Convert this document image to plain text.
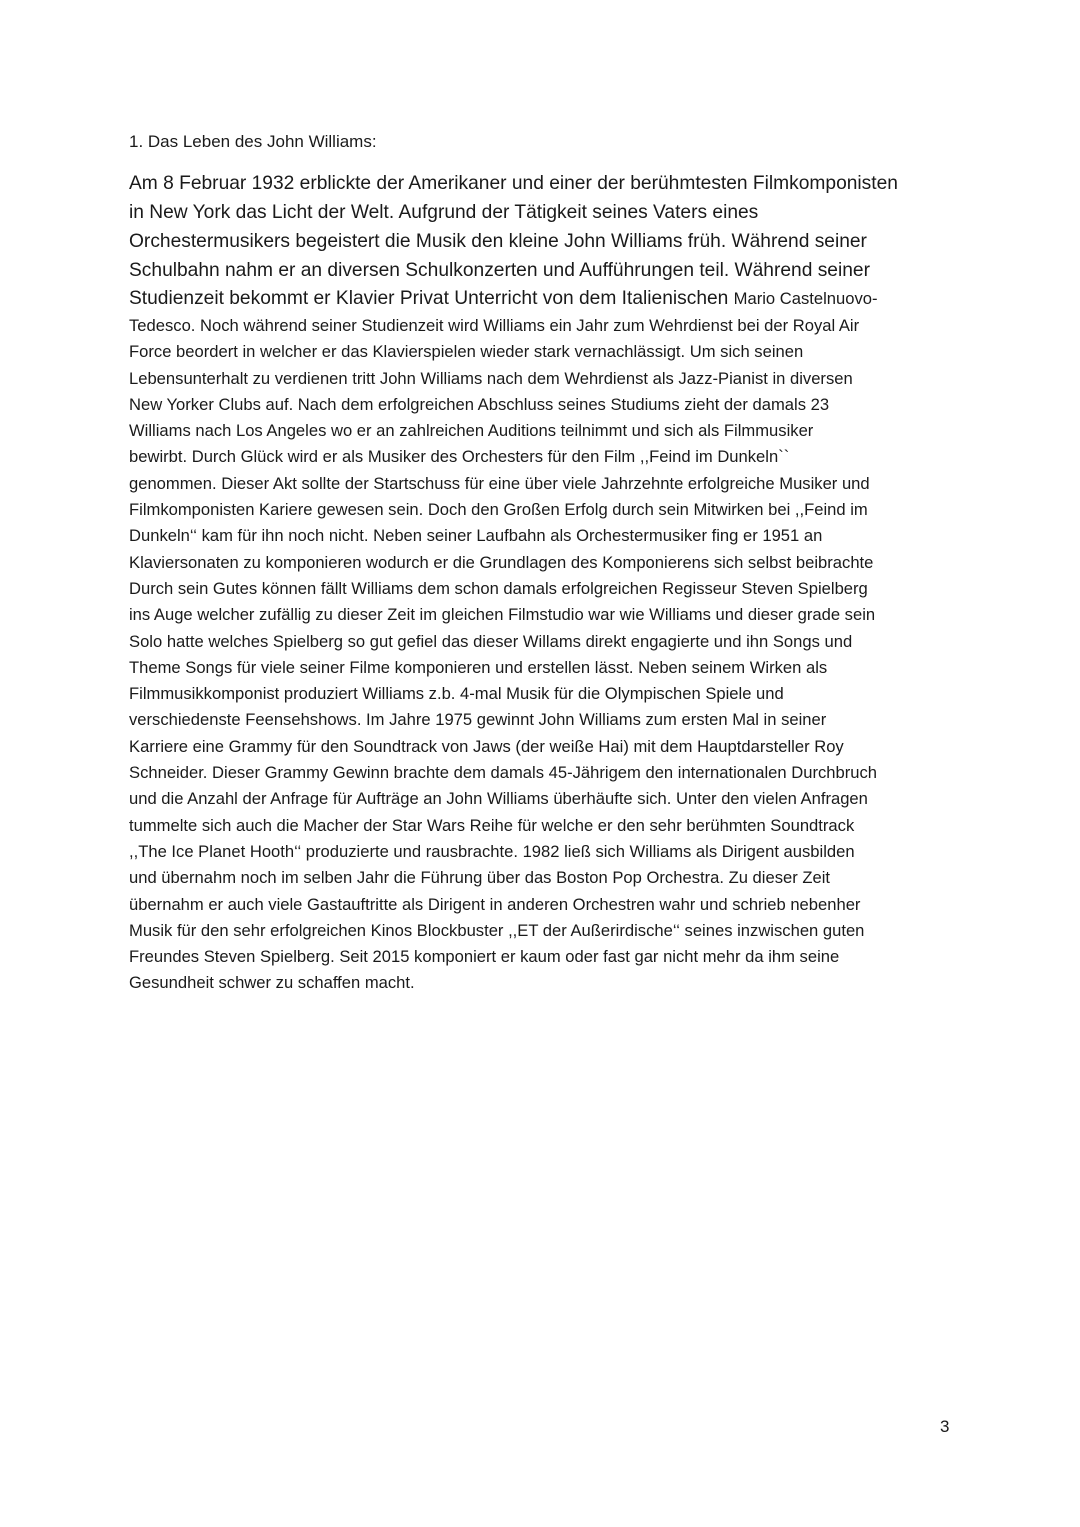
1. Das Leben des John Williams:
Am 8 Februar 1932 erblickte der Amerikaner und einer der berühmtesten Filmkomponisten
in New York das Licht der Welt. Aufgrund der Tätigkeit seines Vaters eines
Orchestermusikers begeistert die Musik den kleine John Williams früh. Während seiner
Schulbahn nahm er an diversen Schulkonzerten und Aufführungen teil. Während seiner
Studienzeit bekommt er Klavier Privat Unterricht von dem Italienischen Mario Castelnuovo-
Tedesco. Noch während seiner Studienzeit wird Williams ein Jahr zum Wehrdienst bei der Royal Air
Force beordert in welcher er das Klavierspielen wieder stark vernachlässigt. Um sich seinen
Lebensunterhalt zu verdienen tritt John Williams nach dem Wehrdienst als Jazz-Pianist in diversen
New Yorker Clubs auf. Nach dem erfolgreichen Abschluss seines Studiums zieht der damals 23
Williams nach Los Angeles wo er an zahlreichen Auditions teilnimmt und sich als Filmmusiker
bewirbt. Durch Glück wird er als Musiker des Orchesters für den Film ,,Feind im Dunkeln``
genommen. Dieser Akt sollte der Startschuss für eine über viele Jahrzehnte erfolgreiche Musiker und
Filmkomponisten Kariere gewesen sein. Doch den Großen Erfolg durch sein Mitwirken bei ,,Feind im
Dunkeln‘‘ kam für ihn noch nicht. Neben seiner Laufbahn als Orchestermusiker fing er 1951 an
Klaviersonaten zu komponieren wodurch er die Grundlagen des Komponierens sich selbst beibrachte
Durch sein Gutes können fällt Williams dem schon damals erfolgreichen Regisseur Steven Spielberg
ins Auge welcher zufällig zu dieser Zeit im gleichen Filmstudio war wie Williams und dieser grade sein
Solo hatte welches Spielberg so gut gefiel das dieser Willams direkt engagierte und ihn Songs und
Theme Songs für viele seiner Filme komponieren und erstellen lässt. Neben seinem Wirken als
Filmmusikkomponist produziert Williams z.b. 4-mal Musik für die Olympischen Spiele und
verschiedenste Feensehshows. Im Jahre 1975 gewinnt John Williams zum ersten Mal in seiner
Karriere eine Grammy für den Soundtrack von Jaws (der weiße Hai) mit dem Hauptdarsteller Roy
Schneider. Dieser Grammy Gewinn brachte dem damals 45-Jährigem den internationalen Durchbruch
und die Anzahl der Anfrage für Aufträge an John Williams überhäufte sich. Unter den vielen Anfragen
tummelte sich auch die Macher der Star Wars Reihe für welche er den sehr berühmten Soundtrack
,,The Ice Planet Hooth‘‘ produzierte und rausbrachte. 1982 ließ sich Williams als Dirigent ausbilden
und übernahm noch im selben Jahr die Führung über das Boston Pop Orchestra. Zu dieser Zeit
übernahm er auch viele Gastauftritte als Dirigent in anderen Orchestren wahr und schrieb nebenher
Musik für den sehr erfolgreichen Kinos Blockbuster ,,ET der Außerirdische‘‘ seines inzwischen guten
Freundes Steven Spielberg. Seit 2015 komponiert er kaum oder fast gar nicht mehr da ihm seine
Gesundheit schwer zu schaffen macht.
3
